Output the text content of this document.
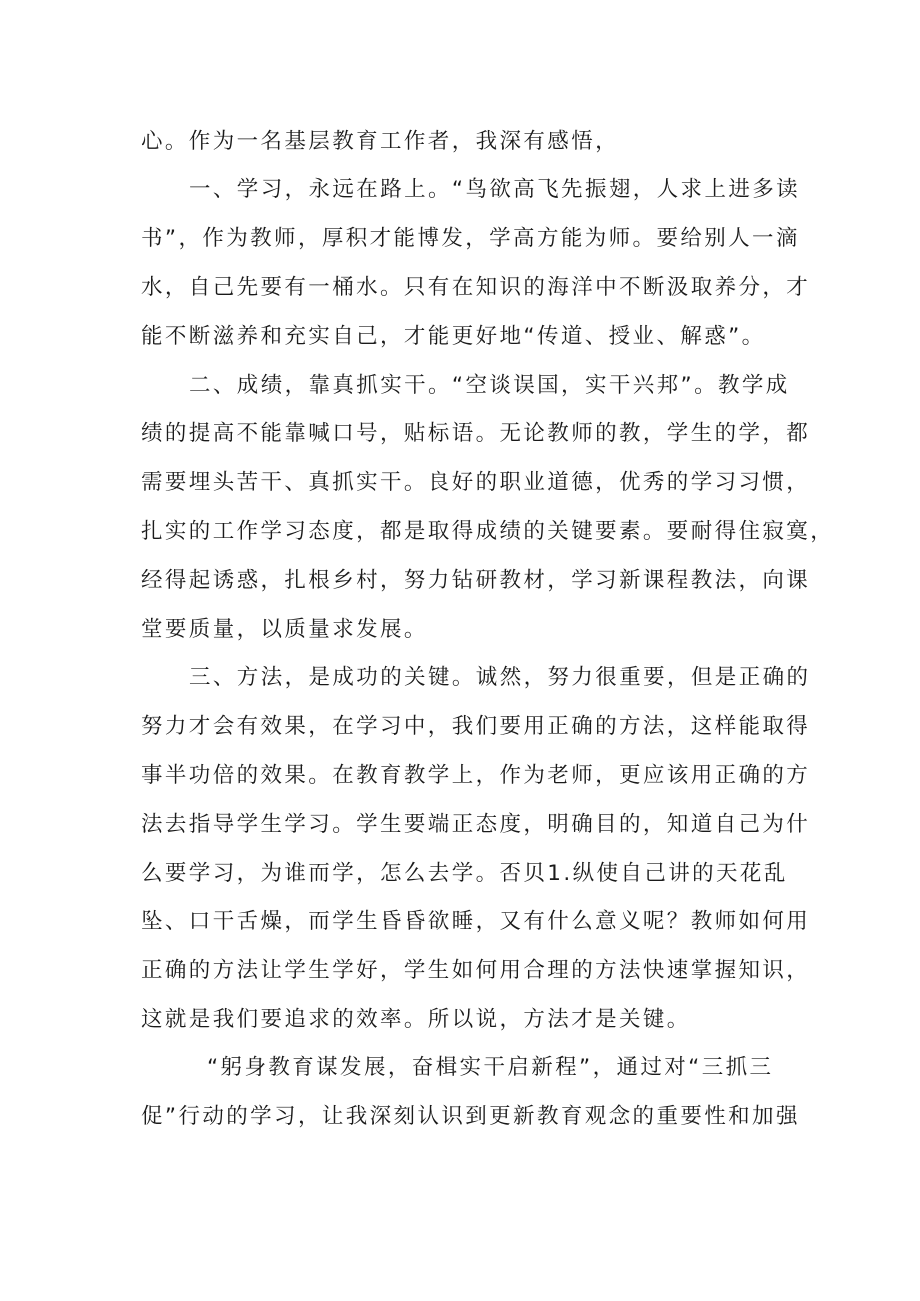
心。作为一名基层教育工作者，我深有感悟，
一、学习，永远在路上。“鸟欲高飞先振翅，人求上进多读
书”，作为教师，厚积才能博发，学高方能为师。要给别人一滴
水，自己先要有一桶水。只有在知识的海洋中不断汲取养分，才
能不断滋养和充实自己，才能更好地“传道、授业、解惑”。
二、成绩，靠真抓实干。“空谈误国，实干兴邦”。教学成
绩的提高不能靠喊口号，贴标语。无论教师的教，学生的学，都
需要埋头苦干、真抓实干。良好的职业道德，优秀的学习习惯，
扎实的工作学习态度，都是取得成绩的关键要素。要耐得住寂寞，
经得起诱惑，扎根乡村，努力钻研教材，学习新课程教法，向课
堂要质量，以质量求发展。
三、方法，是成功的关键。诚然，努力很重要，但是正确的
努力才会有效果，在学习中，我们要用正确的方法，这样能取得
事半功倍的效果。在教育教学上，作为老师，更应该用正确的方
法去指导学生学习。学生要端正态度，明确目的，知道自己为什
么要学习，为谁而学，怎么去学。否贝1.纵使自己讲的天花乱
坠、口干舌燥，而学生昏昏欲睡，又有什么意义呢？教师如何用
正确的方法让学生学好，学生如何用合理的方法快速掌握知识，
这就是我们要追求的效率。所以说，方法才是关键。
“躬身教育谋发展，奋楫实干启新程”，通过对“三抓三
促”行动的学习，让我深刻认识到更新教育观念的重要性和加强
